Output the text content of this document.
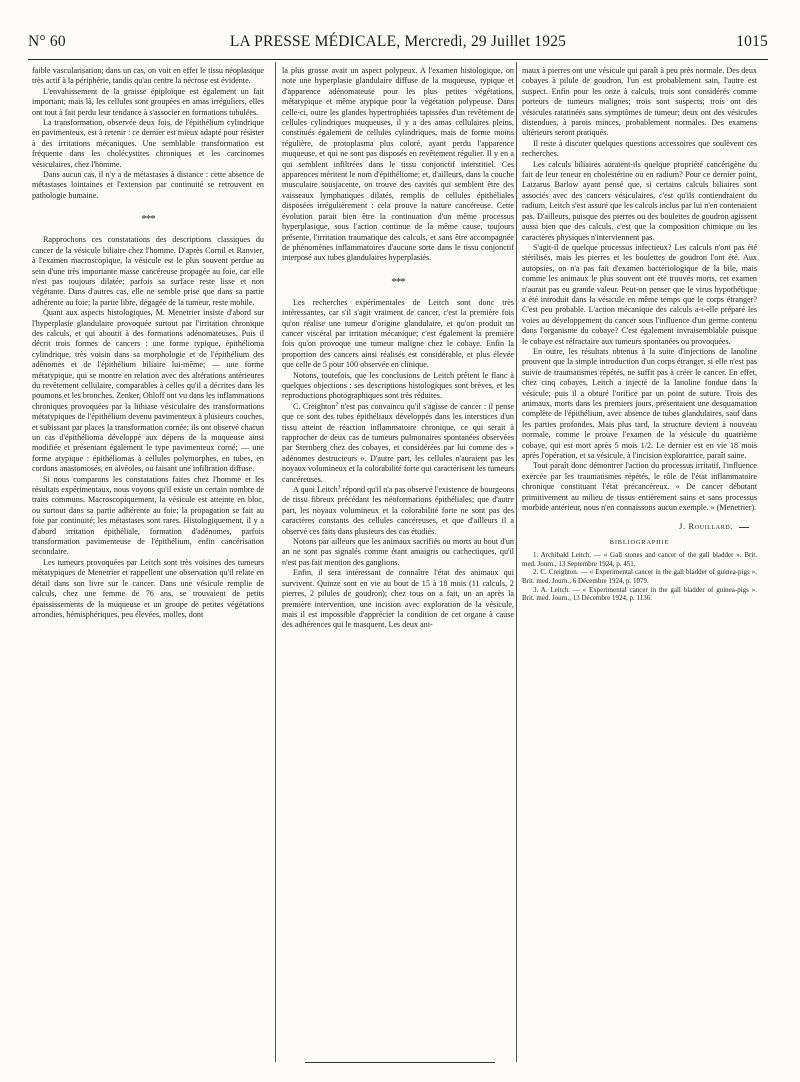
N° 60	LA PRESSE MÉDICALE, Mercredi, 29 Juillet 1925	1015

faible vascularisation; dans un cas, on voit en effet le tissu néoplasique très actif à la périphérie, tandis qu'au centre la nécrose est évidente.

L'envahissement de la graisse épiploïque est également un fait important; mais là, les cellules sont groupées en amas irréguliers, elles ont tout à fait perdu leur tendance à s'associer en formations tubulées.

La transformation, observée deux fois, de l'épithélium cylindrique en pavimenteux, est à retenir : ce dernier est mieux adapté pour résister à des irritations mécaniques. Une semblable transformation est fréquente dans les cholécystites chroniques et les carcinomes vésiculaires, chez l'homme.

Dans aucun cas, il n'y a de métastases à distance : cette absence de métastases lointaines et l'extension par continuité se retrouvent en pathologie humaine.

***

Rapprochons ces constatations des descriptions classiques du cancer de la vésicule biliaire chez l'homme. D'après Cornil et Ranvier, à l'examen macroscopique, la vésicule est le plus souvent perdue au sein d'une très importante masse cancéreuse propagée au foie, car elle n'est pas toujours dilatée; parfois sa surface reste lisse et non végétante. Dans d'autres cas, elle ne semble prise que dans sa partie adhérente au foie; la partie libre, dégagée de la tumeur, reste mobile.

Quant aux aspects histologiques, M. Menetrier insiste d'abord sur l'hyperplasie glandulaire provoquée surtout par l'irritation chronique des calculs, et qui aboutit à des formations adénomateuses. Puis il décrit trois formes de cancers : une forme typique, épithélioma cylindrique, très voisin dans sa morphologie et de l'épithélium des adénomes et de l'épithélium biliaire lui-même; — une forme métatypique, qui se montre en relation avec des altérations antérieures du revêtement cellulaire, comparables à celles qu'il a décrites dans les poumons et les bronches. Zenker, Ohloff ont vu dans les inflammations chroniques provoquées par la lithiase vésiculaire des transformations métatypiques de l'épithélium devenu pavimenteux à plusieurs couches, et subissant par places la transformation cornée; ils ont observé chacun un cas d'épithélioma développé aux dépens de la muqueuse ainsi modifiée et présentant également le type pavimenteux corné; — une forme atypique : épithéliomas à cellules polymorphes, en tubes, en cordons anastomosés, en alvéoles, ou faisant une infiltration diffuse.

Si nous comparons les constatations faites chez l'homme et les résultats expérimentaux, nous voyons qu'il existe un certain nombre de traits communs. Macroscopiquement, la vésicule est atteinte en bloc, ou surtout dans sa partie adhérente au foie; la propagation se fait au foie par continuité; les métastases sont rares. Histologiquement, il y a d'abord irritation épithéliale, formation d'adénomes, parfois transformation pavimenteuse de l'épithélium, enfin cancérisation secondaire.

Les tumeurs provoquées par Leitch sont très voisines des tumeurs métatypiques de Menetrier et rappellent une observation qu'il relate en détail dans son livre sur le cancer. Dans une vésicule remplie de calculs, chez une femme de 76 ans, se trouvaient de petits épaississements de la muqueuse et un groupe de petites végétations arrondies, hémisphériques, peu élevées, molles, dont

la plus grosse avait un aspect polypeux. A l'examen histologique, on note une hyperplasie glandulaire diffuse de la muqueuse, typique et d'apparence adénomateuse pour les plus petites végétations, métatypique et même atypique pour la végétation polypeuse. Dans celle-ci, outre les glandes hypertrophiées tapissées d'un revêtement de cellules cylindriques muqueuses, il y a des amas cellulaires pleins, constitués également de cellules cylindriques, mais de forme moins régulière, de protoplasma plus coloré, ayant perdu l'apparence muqueuse, et qui ne sont pas disposés en revêtement régulier. Il y en a qui semblent infiltrées dans le tissu conjonctif interstitiel. Ces apparences méritent le nom d'épithéliome; et, d'ailleurs, dans la couche musculaire sousjacente, on trouve des cavités qui semblent être des vaisseaux lymphatiques dilatés, remplis de cellules épithéliales disposées irrégulièrement : cela prouve la nature cancéreuse. Cette évolution parait bien être la continuation d'un même processus hyperplasique, sous l'action continue de la même cause, toujours présente, l'irritation traumatique des calculs, et sans être accompagnée de phénomènes inflammatoires d'aucune sorte dans le tissu conjonctif interposé aux tubes glandulaires hyperplasiés.

***

Les recherches expérimentales de Leitch sont donc très intéressantes, car s'il s'agit vraiment de cancer, c'est la première fois qu'on réalise une tumeur d'origine glandulaire, et qu'on produit un cancer viscéral par irritation mécanique; c'est également la première fois qu'on provoque une tumeur maligne chez le cobaye. Enfin la proportion des cancers ainsi réalisés est considérable, et plus élevée que celle de 5 pour 100 observée en clinique.

Notons, toutefois, que les conclusions de Leitch prêtent le flanc à quelques objections : ses descriptions histologiques sont brèves, et les reproductions photographiques sont très réduites.

C. Creighton$^2$ n'est pas convaincu qu'il s'agisse de cancer : il pense que ce sont des tubes épithéliaux développés dans les interstices d'un tissu atteint de réaction inflammatoire chronique, ce qui serait à rapprocher de deux cas de tumeurs pulmonaires spontanées observées par Sternberg chez des cobayes, et considérées par lui comme des « adénomes destructeurs ». D'autre part, les cellules n'auraient pas les noyaux volumineux et la colorabilité forte qui caractérisent les tumeurs cancéreuses.

A quoi Leitch$^3$ répond qu'il n'a pas observé l'existence de bourgeons de tissu fibreux précédant les néoformations épithéliales; que d'autre part, les noyaux volumineux et la colorabilité forte ne sont pas des caractères constants des cellules cancéreuses, et que d'ailleurs il a observé ces faits dans plusieurs des cas étudiés.

Notons par ailleurs que les animaux sacrifiés ou morts au bout d'un an ne sont pas signalés comme étant amaigris ou cachectiques, qu'il n'est pas fait mention des ganglions.

Enfin, il sera intéressant de connaître l'état des animaux qui survivent. Quinze sont en vie au bout de 15 à 18 mois (11 calculs, 2 pierres, 2 pilules de goudron); chez tous on a fait, un an après la première intervention, une incision avec exploration de la vésicule, mais il est impossible d'apprécier la condition de cet organe à cause des adhérences qui le masquent. Les deux ani-

maux à pierres ont une vésicule qui paraît à peu près normale. Des deux cobayes à pilule de goudron, l'un est probablement sain, l'autre est suspect. Enfin pour les onze à calculs, trois sont considérés comme porteurs de tumeurs malignes; trois sont suspects; trois ont des vésicules ratatinées sans symptômes de tumeur; deux ont des vésicules distendues, à parois minces, probablement normales. Des examens ultérieurs seront pratiqués.

Il reste à discuter quelques questions accessoires que soulèvent ces recherches.

Les calculs biliaires auraient-ils quelque propriété cancérigène du fait de leur teneur en cholestérine ou en radium? Pour ce dernier point, Latzarus Barlow ayant pensé que, si certains calculs biliaires sont associés avec des cancers vésiculaires, c'est qu'ils contiendraient du radium, Leitch s'est assuré que les calculs inclus par lui n'en contenaient pas. D'ailleurs, puisque des pierres ou des boulettes de goudron agissent aussi bien que des calculs, c'est que la composition chimique ou les caractères physiques n'interviennent pas.

S'agit-il de quelque processus infectieux? Les calculs n'ont pas été stérilisés, mais les pierres et les boulettes de goudron l'ont été. Aux autopsies, on n'a pas fait d'examen bactériologique de la bile, mais comme les animaux le plus souvent ont été trouvés morts, cet examen n'aurait pas eu grande valeur. Peut-on penser que le virus hypothétique a été introduit dans la vésicule en même temps que le corps étranger? C'est peu probable. L'action mécanique des calculs a-t-elle préparé les voies au développement du cancer sous l'influence d'un germe contenu dans l'organisme du cobaye? C'est également invraisemblable puisque le cobaye est réfractaire aux tumeurs spontanées ou provoquées.

En outre, les résultats obtenus à la suite d'injections de lanoline prouvent que la simple introduction d'un corps étranger, si elle n'est pas suivie de traumatismes répétés, ne suffit pas à créer le cancer. En effet, chez cinq cobayes, Leitch a injecté de la lanoline fondue dans la vésicule; puis il a obturé l'orifice par un point de suture. Trois des animaux, morts dans les premiers jours, présentaient une desquamation complète de l'épithélium, avec absence de tubes glandulaires, sauf dans les parties profondes. Mais plus tard, la structure devient à nouveau normale, comme le prouve l'examen de la vésicule du quatrième cobaye, qui est mort après 5 mois 1/2. Le dernier est en vie 18 mois après l'opération, et sa vésicule, à l'incision exploratrice, paraît saine.

Tout paraît donc démontrer l'action du processus irritatif, l'influence exercée par les traumatismes répétés, le rôle de l'état inflammatoire chronique constituant l'état précancéreux. « De cancer débutant primitivement au milieu de tissus entièrement sains et sans processus morbide antérieur, nous n'en connaissons aucun exemple. » (Menetrier).

J. Rouillard.
BIBLIOGRAPHIE

1. Archibald Leitch. — « Gall stones and cancer of the gall bladder ». Brit. med. Journ., 13 Septembre 1924, p. 451.

2. C. Creighton. — « Experimental cancer in the gall bladder of guinea-pigs ». Brit. med. Journ., 6 Décembre 1924, p. 1079.

3. A. Leitch. — « Experimental cancer in the gall bladder of guinea-pigs ». Brit. med. Journ., 13 Décembre 1924, p. 1136.
